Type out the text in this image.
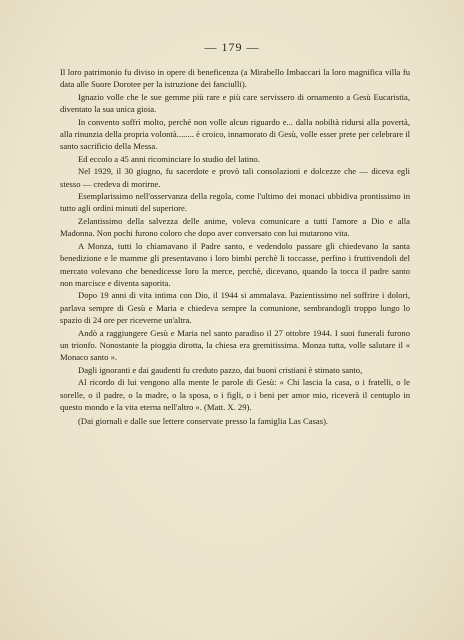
— 179 —

Il loro patrimonio fu diviso in opere di beneficenza (a Mirabello Imbaccari la loro magnifica villa fu data alle Suore Dorotee per la istruzione dei fanciulli).

Ignazio volle che le sue gemme più rare e più care servissero di ornamento a Gesù Eucaristia, diventato la sua unica gioia.

In convento soffrì molto, perché non volle alcun riguardo e... dalla nobiltà ridursi alla povertà, alla rinunzia della propria volontà........ è croico, innamorato di Gesù, volle esser prete per celebrare il santo sacrificio della Messa.

Ed eccolo a 45 anni ricominciare lo studio del latino.

Nel 1929, il 30 giugno, fu sacerdote e provò tali consolazioni e dolcezze che — diceva egli stesso — credeva di morirne.

Esemplarissimo nell'osservanza della regola, come l'ultimo dei monaci ubbidiva prontissimo in tutto agli ordini minuti del superiore.

Zelantissimo della salvezza delle anime, voleva comunicare a tutti l'amore a Dio e alla Madonna. Non pochi furono coloro che dopo aver conversato con lui mutarono vita.

A Monza, tutti lo chiamavano il Padre santo, e vedendolo passare gli chiedevano la santa benedizione e le mamme gli presentavano i loro bimbi perchè li toccasse, perfino i fruttivendoli del mercato volevano che benedicesse loro la merce, perchè, dicevano, quando la tocca il padre santo non marcisce e diventa saporita.

Dopo 19 anni di vita intima con Dio, il 1944 si ammalava. Pazientissimo nel soffrire i dolori, parlava sempre di Gesù e Maria e chiedeva sempre la comunione, sembrandogli troppo lungo lo spazio di 24 ore per riceverne un'altra.

Andò a raggiungere Gesù e Maria nel santo paradiso il 27 ottobre 1944. I suoi funerali furono un trionfo. Nonostante la pioggia dirotta, la chiesa era gremitissima. Monza tutta, volle salutare il « Monaco santo ».

Dagli ignoranti e dai gaudenti fu creduto pazzo, dai buoni cristiani è stimato santo,

Al ricordo di lui vengono alla mente le parole di Gesù: « Chi lascia la casa, o i fratelli, o le sorelle, o il padre, o la madre, o la sposa, o i figli, o i beni per amor mio, riceverà il centuplo in questo mondo e la vita eterna nell'altro ». (Matt. X. 29).

(Dai giornali e dalle sue lettere conservate presso la famiglia Las Casas).
